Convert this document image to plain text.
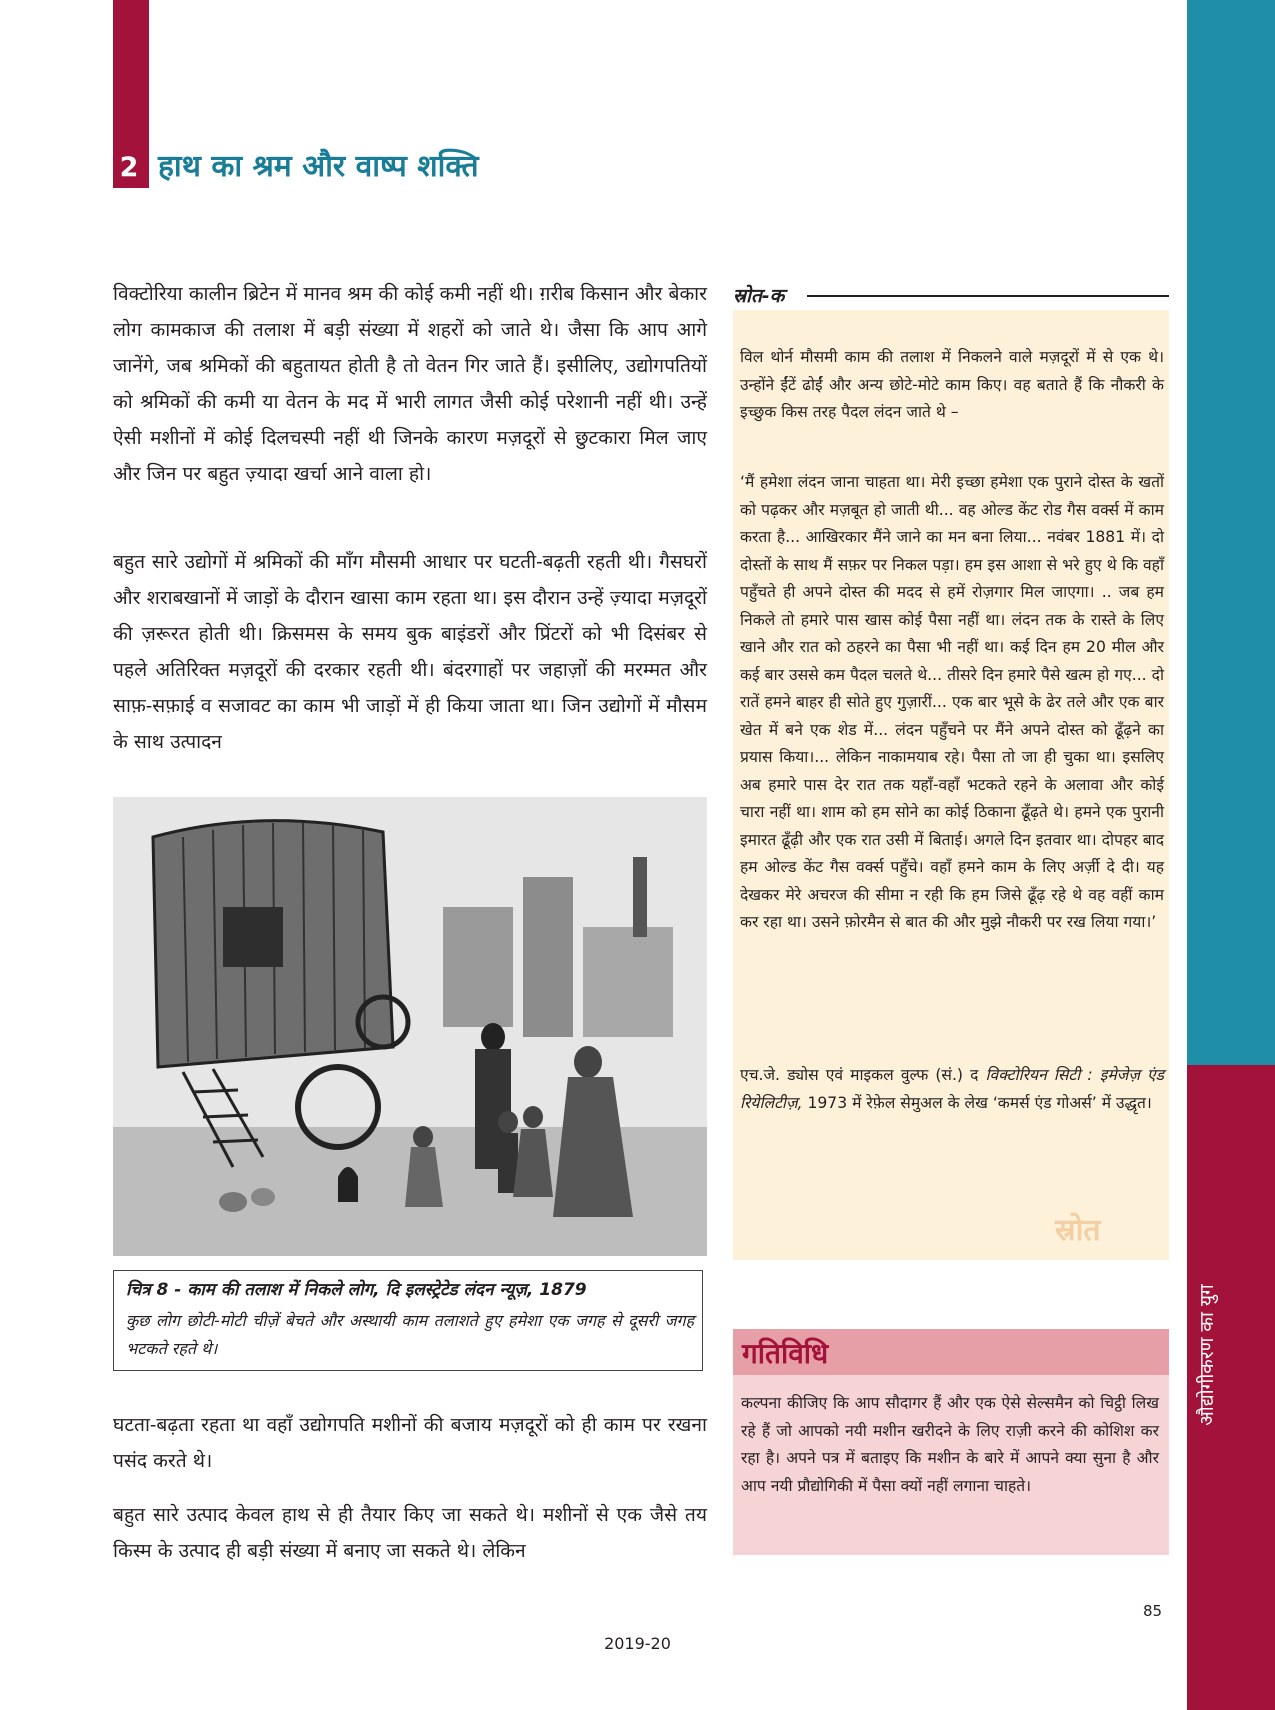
औद्योगीकरण का युग
2 हाथ का श्रम और वाष्प शक्ति

विक्टोरिया कालीन ब्रिटेन में मानव श्रम की कोई कमी नहीं थी। ग़रीब किसान और बेकार लोग कामकाज की तलाश में बड़ी संख्या में शहरों को जाते थे। जैसा कि आप आगे जानेंगे, जब श्रमिकों की बहुतायत होती है तो वेतन गिर जाते हैं। इसीलिए, उद्योगपतियों को श्रमिकों की कमी या वेतन के मद में भारी लागत जैसी कोई परेशानी नहीं थी। उन्हें ऐसी मशीनों में कोई दिलचस्पी नहीं थी जिनके कारण मज़दूरों से छुटकारा मिल जाए और जिन पर बहुत ज़्यादा खर्चा आने वाला हो।

बहुत सारे उद्योगों में श्रमिकों की माँग मौसमी आधार पर घटती-बढ़ती रहती थी। गैसघरों और शराबखानों में जाड़ों के दौरान खासा काम रहता था। इस दौरान उन्हें ज़्यादा मज़दूरों की ज़रूरत होती थी। क्रिसमस के समय बुक बाइंडरों और प्रिंटरों को भी दिसंबर से पहले अतिरिक्त मज़दूरों की दरकार रहती थी। बंदरगाहों पर जहाज़ों की मरम्मत और साफ़-सफ़ाई व सजावट का काम भी जाड़ों में ही किया जाता था। जिन उद्योगों में मौसम के साथ उत्पादन

चित्र 8 - काम की तलाश में निकले लोग, दि इलस्ट्रेटेड लंदन न्यूज़, 1879
कुछ लोग छोटी-मोटी चीज़ें बेचते और अस्थायी काम तलाशते हुए हमेशा एक जगह से दूसरी जगह भटकते रहते थे।

घटता-बढ़ता रहता था वहाँ उद्योगपति मशीनों की बजाय मज़दूरों को ही काम पर रखना पसंद करते थे।

बहुत सारे उत्पाद केवल हाथ से ही तैयार किए जा सकते थे। मशीनों से एक जैसे तय किस्म के उत्पाद ही बड़ी संख्या में बनाए जा सकते थे। लेकिन

स्रोत-क

विल थोर्न मौसमी काम की तलाश में निकलने वाले मज़दूरों में से एक थे। उन्होंने ईंटें ढोईं और अन्य छोटे-मोटे काम किए। वह बताते हैं कि नौकरी के इच्छुक किस तरह पैदल लंदन जाते थे –

‘मैं हमेशा लंदन जाना चाहता था। मेरी इच्छा हमेशा एक पुराने दोस्त के खतों को पढ़कर और मज़बूत हो जाती थी... वह ओल्ड केंट रोड गैस वर्क्स में काम करता है... आखिरकार मैंने जाने का मन बना लिया... नवंबर 1881 में। दो दोस्तों के साथ मैं सफ़र पर निकल पड़ा। हम इस आशा से भरे हुए थे कि वहाँ पहुँचते ही अपने दोस्त की मदद से हमें रोज़गार मिल जाएगा। .. जब हम निकले तो हमारे पास खास कोई पैसा नहीं था। लंदन तक के रास्ते के लिए खाने और रात को ठहरने का पैसा भी नहीं था। कई दिन हम 20 मील और कई बार उससे कम पैदल चलते थे... तीसरे दिन हमारे पैसे खत्म हो गए... दो रातें हमने बाहर ही सोते हुए गुज़ारीं... एक बार भूसे के ढेर तले और एक बार खेत में बने एक शेड में... लंदन पहुँचने पर मैंने अपने दोस्त को ढूँढ़ने का प्रयास किया।... लेकिन नाकामयाब रहे। पैसा तो जा ही चुका था। इसलिए अब हमारे पास देर रात तक यहाँ-वहाँ भटकते रहने के अलावा और कोई चारा नहीं था। शाम को हम सोने का कोई ठिकाना ढूँढ़ते थे। हमने एक पुरानी इमारत ढूँढ़ी और एक रात उसी में बिताई। अगले दिन इतवार था। दोपहर बाद हम ओल्ड केंट गैस वर्क्स पहुँचे। वहाँ हमने काम के लिए अर्ज़ी दे दी। यह देखकर मेरे अचरज की सीमा न रही कि हम जिसे ढूँढ़ रहे थे वह वहीं काम कर रहा था। उसने फ़ोरमैन से बात की और मुझे नौकरी पर रख लिया गया।’

एच.जे. ड्योस एवं माइकल वुल्फ (सं.) द विक्टोरियन सिटी : इमेजेज़ एंड रियेलिटीज़, 1973 में रेफ़ेल सेमुअल के लेख ‘कमर्स एंड गोअर्स’ में उद्धृत।

स्रोत
गतिविधि

कल्पना कीजिए कि आप सौदागर हैं और एक ऐसे सेल्समैन को चिट्ठी लिख रहे हैं जो आपको नयी मशीन खरीदने के लिए राज़ी करने की कोशिश कर रहा है। अपने पत्र में बताइए कि मशीन के बारे में आपने क्या सुना है और आप नयी प्रौद्योगिकी में पैसा क्यों नहीं लगाना चाहते।

85
2019-20
